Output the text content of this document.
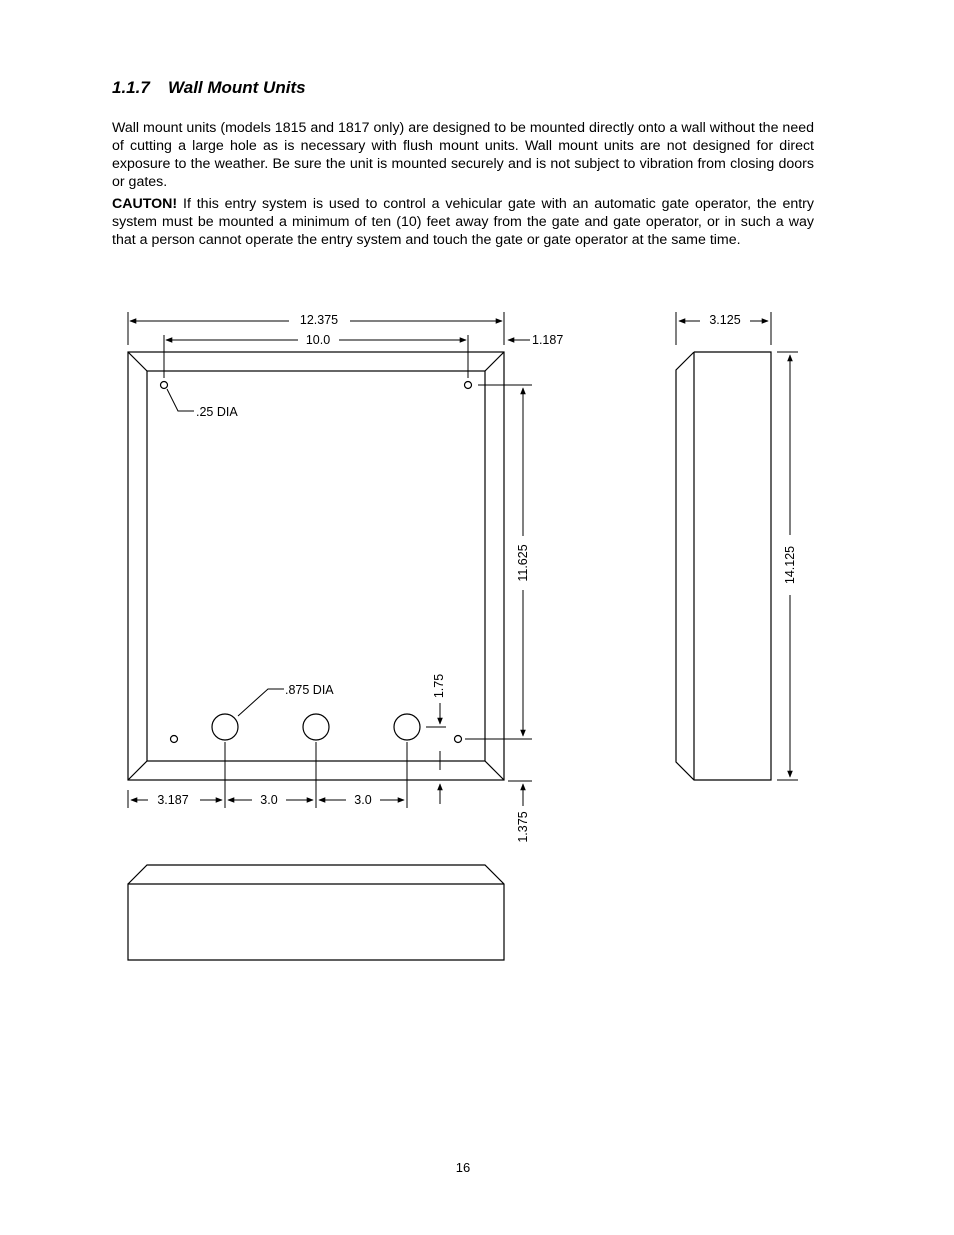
1.1.7 Wall Mount Units

Wall mount units (models 1815 and 1817 only) are designed to be mounted directly onto a wall without the need of cutting a large hole as is necessary with flush mount units. Wall mount units are not designed for direct exposure to the weather. Be sure the unit is mounted securely and is not subject to vibration from closing doors or gates.

CAUTON! If this entry system is used to control a vehicular gate with an automatic gate operator, the entry system must be mounted a minimum of ten (10) feet away from the gate and gate operator, or in such a way that a person cannot operate the entry system and touch the gate or gate operator at the same time.

12.375
10.0	1.187
.25 DIA
.875 DIA
11.625
1.75
1.375
3.187	3.0	3.0
3.125
14.125
16
